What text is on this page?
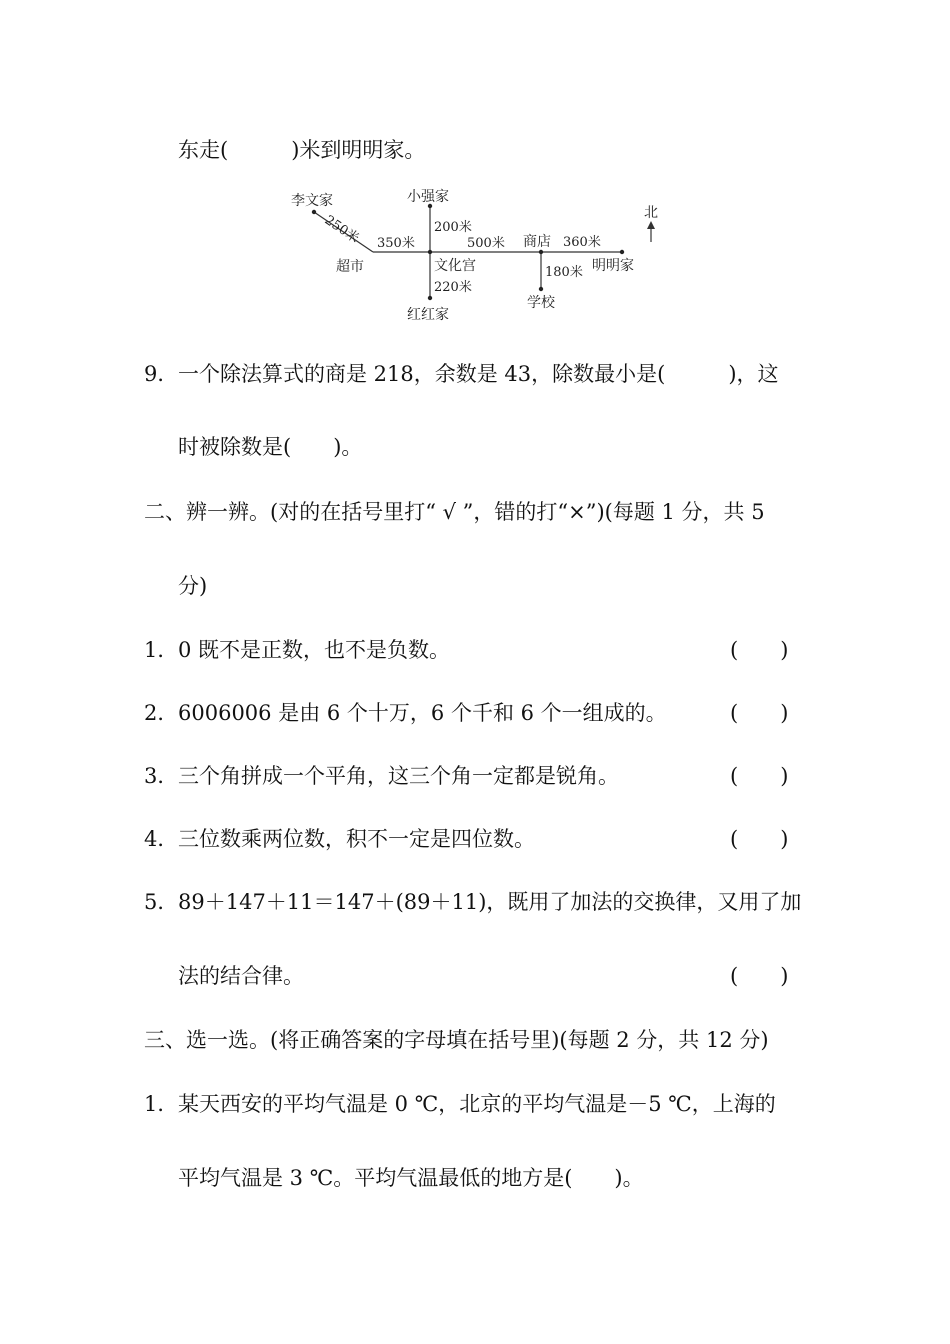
东走(　　　)米到明明家。
李文家	小强家
超市	文化宫
红红家
商店
学校
明明家
北
250米	200米
350米	500米	360米
180米
220米
9． 一个除法算式的商是 218，余数是 43，除数最小是(　　　)，这
时被除数是(　　)。
二、辨一辨。(对的在括号里打“ √ ”，错的打“×”)(每题 1 分，共 5
分)
1． 0 既不是正数，也不是负数。	(　　)
2． 6006006 是由 6 个十万，6 个千和 6 个一组成的。	(　　)
3． 三个角拼成一个平角，这三个角一定都是锐角。	(　　)
4． 三位数乘两位数，积不一定是四位数。	(　　)
5． 89＋147＋11＝147＋(89＋11)，既用了加法的交换律，又用了加
法的结合律。	(　　)
三、选一选。(将正确答案的字母填在括号里)(每题 2 分，共 12 分)
1． 某天西安的平均气温是 0 ℃，北京的平均气温是－5 ℃，上海的
平均气温是 3 ℃。平均气温最低的地方是(　　)。
